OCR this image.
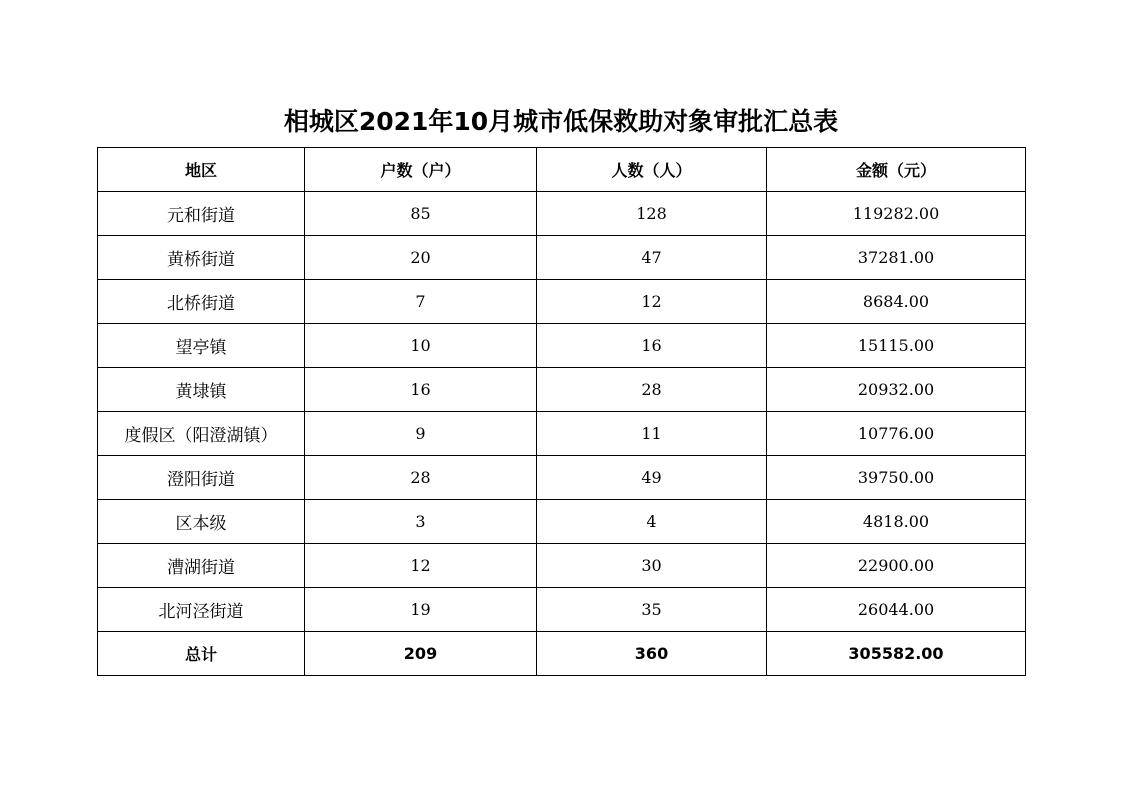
相城区2021年10月城市低保救助对象审批汇总表
地区	户数（户）	人数（人）	金额（元）
元和街道	85	128	119282.00
黄桥街道	20	47	37281.00
北桥街道	7	12	8684.00
望亭镇	10	16	15115.00
黄埭镇	16	28	20932.00
度假区（阳澄湖镇）	9	11	10776.00
澄阳街道	28	49	39750.00
区本级	3	4	4818.00
漕湖街道	12	30	22900.00
北河泾街道	19	35	26044.00
总计	209	360	305582.00
